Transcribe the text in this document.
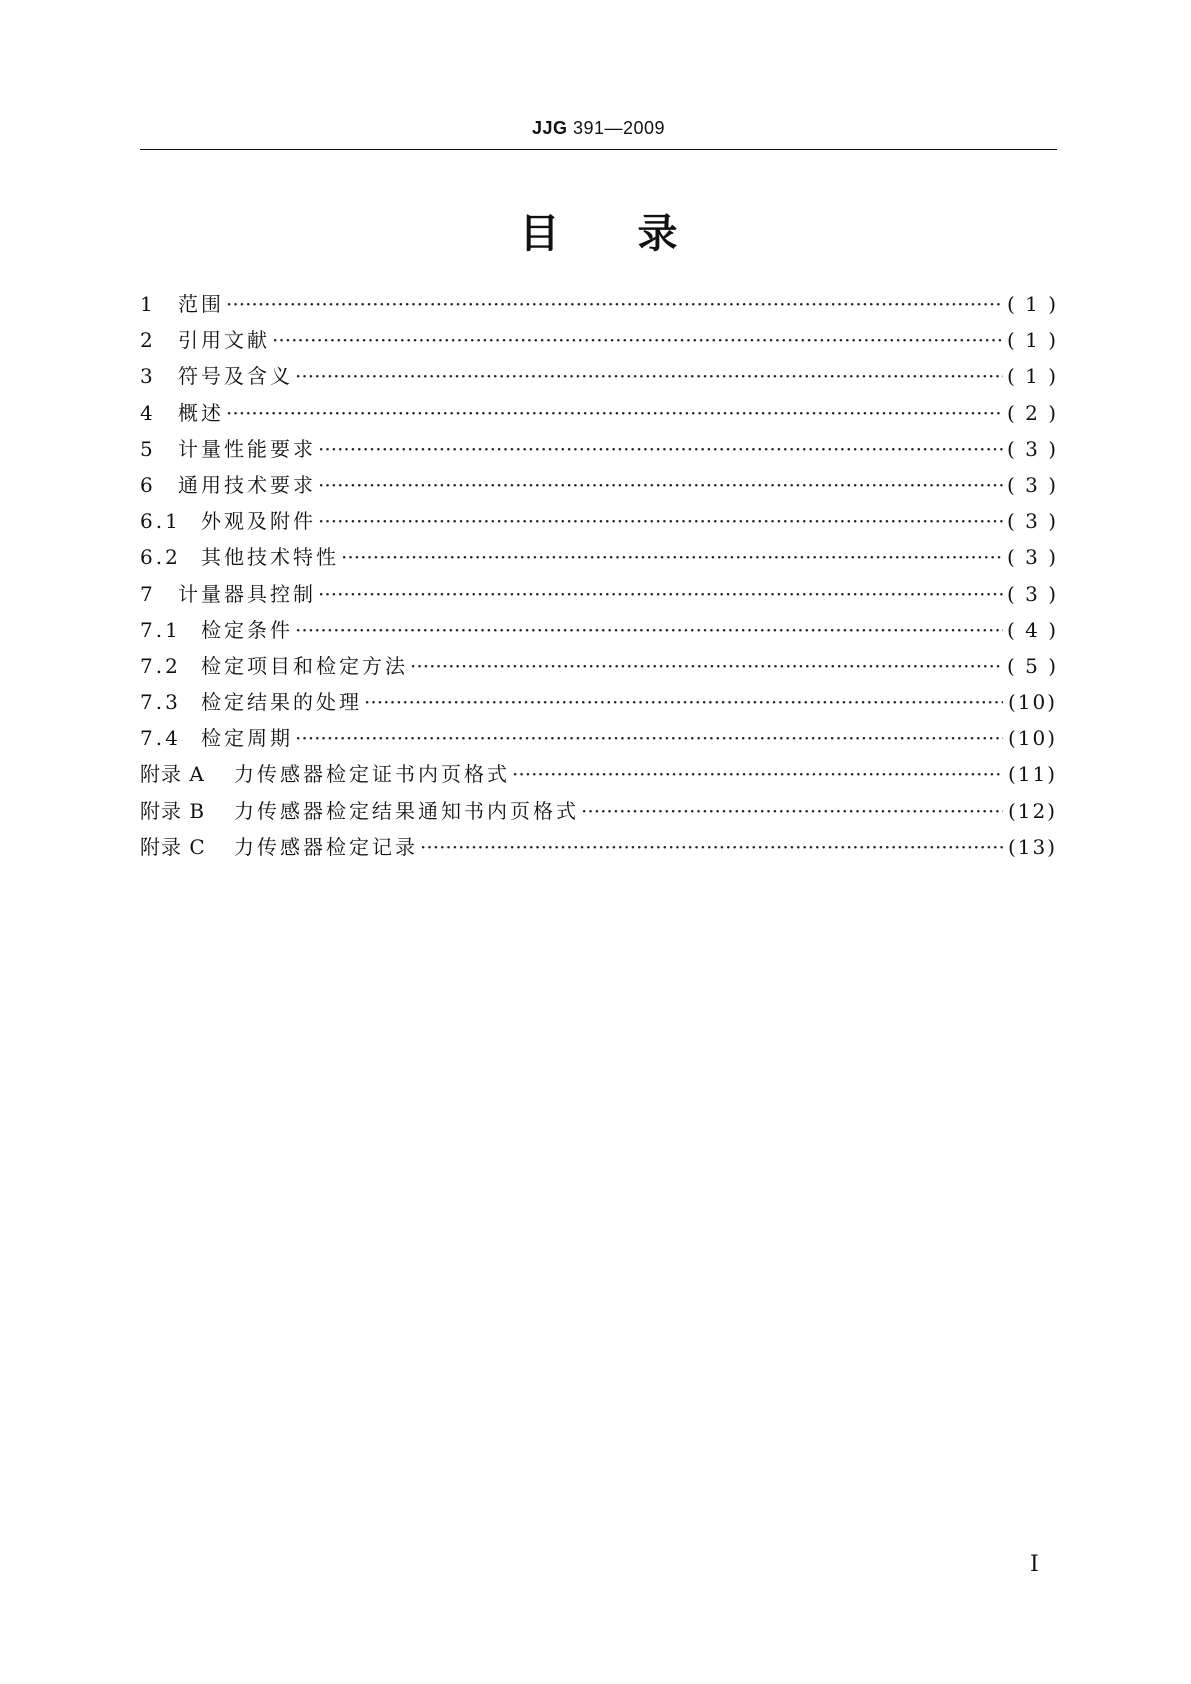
JJG 391—2009
目 录
1	范围 ·····	( 1 )
2	引用文献 ·····	( 1 )
3	符号及含义 ·····	( 1 )
4	概述 ·····	( 2 )
5	计量性能要求 ·····	( 3 )
6	通用技术要求 ·····	( 3 )
6.1	外观及附件 ·····	( 3 )
6.2	其他技术特性 ·····	( 3 )
7	计量器具控制 ·····	( 3 )
7.1	检定条件 ·····	( 4 )
7.2	检定项目和检定方法 ·····	( 5 )
7.3	检定结果的处理 ·····	(10)
7.4	检定周期 ·····	(10)
附录 A	力传感器检定证书内页格式 ·····	(11)
附录 B	力传感器检定结果通知书内页格式 ·····	(12)
附录 C	力传感器检定记录 ·····	(13)
I
